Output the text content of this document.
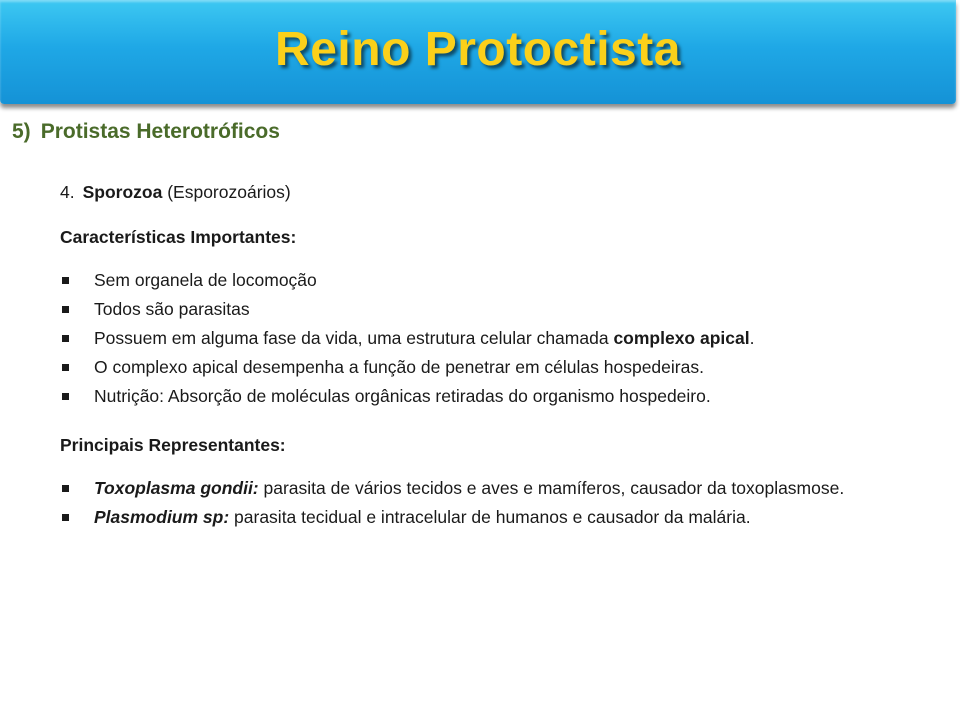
Reino Protoctista
5) Protistas Heterotróficos
4. Sporozoa (Esporozoários)
Características Importantes:
Sem organela de locomoção
Todos são parasitas
Possuem em alguma fase da vida, uma estrutura celular chamada complexo apical.
O complexo apical desempenha a função de penetrar em células hospedeiras.
Nutrição: Absorção de moléculas orgânicas retiradas do organismo hospedeiro.
Principais Representantes:
Toxoplasma gondii: parasita de vários tecidos e aves e mamíferos, causador da toxoplasmose.
Plasmodium sp: parasita tecidual e intracelular de humanos e causador da malária.
